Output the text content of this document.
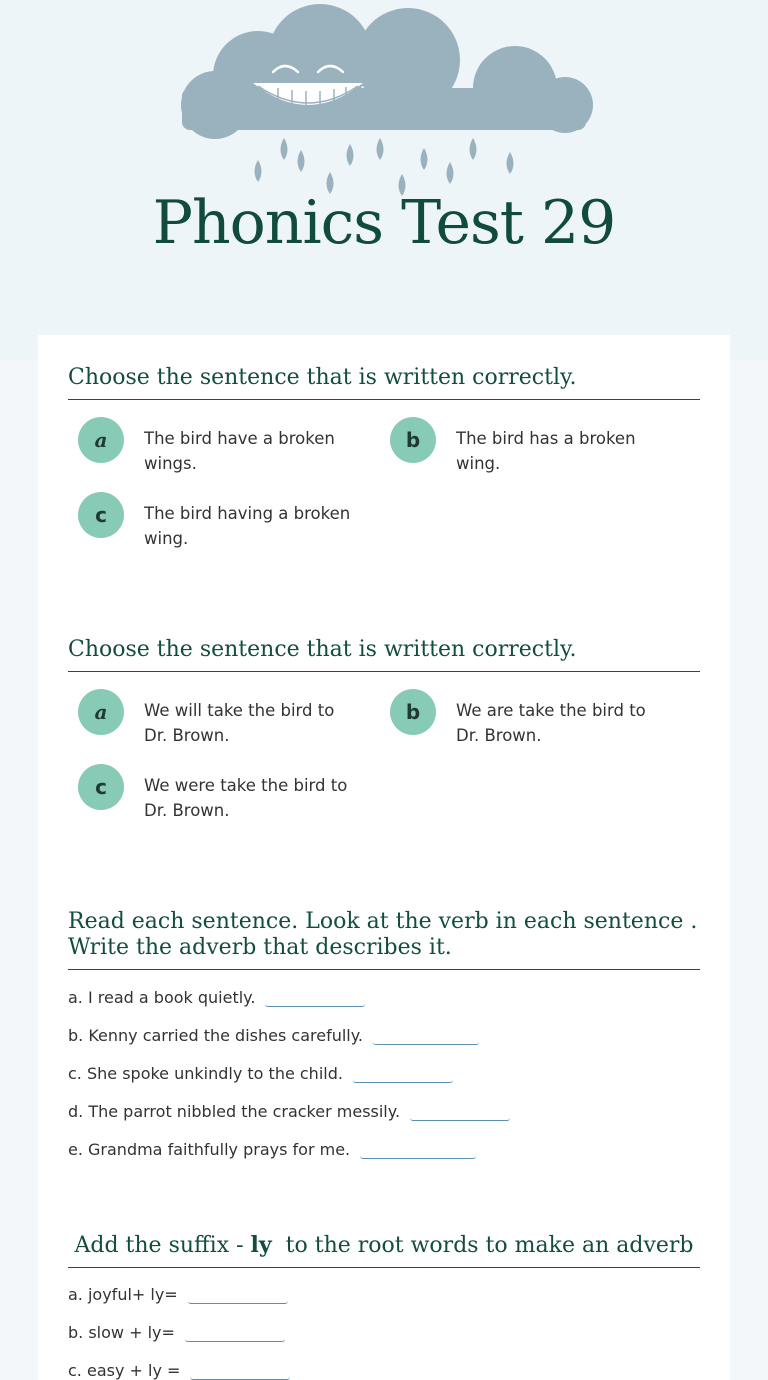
Phonics Test 29
Choose the sentence that is written correctly.
a	The bird have a broken wings.
b	The bird has a broken wing.
c	The bird having a broken wing.
Choose the sentence that is written correctly.
a	We will take the bird to Dr. Brown.
b	We are take the bird to Dr. Brown.
c	We were take the bird to Dr. Brown.
Read each sentence. Look at the verb in each sentence . Write the adverb that describes it.
a. I read a book quietly.
b. Kenny carried the dishes carefully.
c. She spoke unkindly to the child.
d. The parrot nibbled the cracker messily.
e. Grandma faithfully prays for me.
Add the suffix - ly  to the root words to make an adverb
a. joyful+ ly=
b. slow + ly=
c. easy + ly =
